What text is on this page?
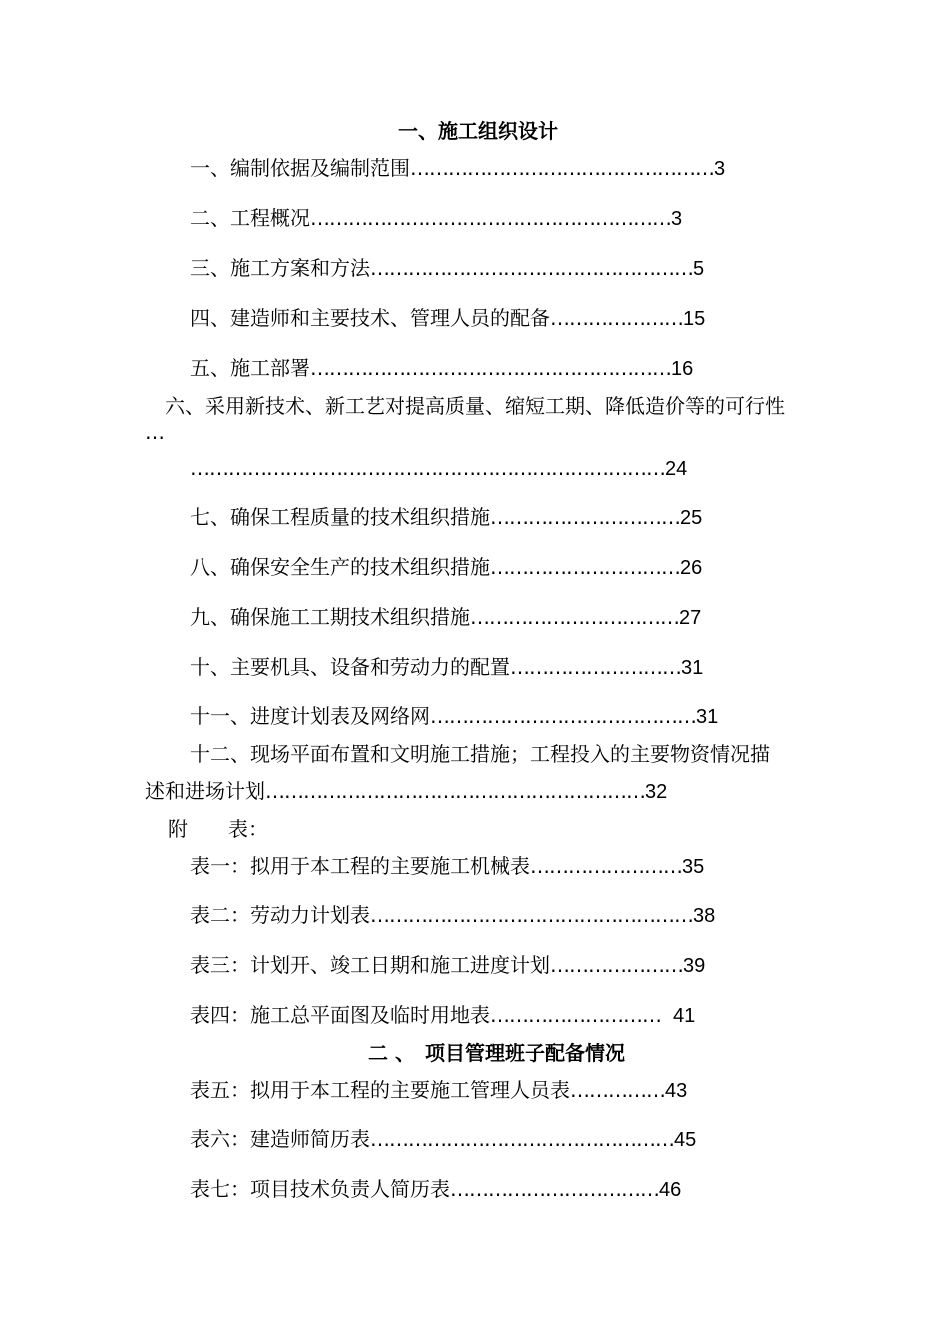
一、施工组织设计
一、编制依据及编制范围…………………………………………3
二、工程概况…………………………………………………3
三、施工方案和方法……………………………………………5
四、建造师和主要技术、管理人员的配备…………………15
五、施工部署…………………………………………………16
六、采用新技术、新工艺对提高质量、缩短工期、降低造价等的可行性
…
…………………………………………………………………24
七、确保工程质量的技术组织措施…………………………25
八、确保安全生产的技术组织措施…………………………26
九、确保施工工期技术组织措施……………………………27
十、主要机具、设备和劳动力的配置………………………31
十一、进度计划表及网络网……………………………………31
十二、现场平面布置和文明施工措施；工程投入的主要物资情况描
述和进场计划……………………………………………………32
附　　表：
表一：拟用于本工程的主要施工机械表……………………35
表二：劳动力计划表……………………………………………38
表三：计划开、竣工日期和施工进度计划…………………39
表四：施工总平面图及临时用地表……………………… 41
二 、　项目管理班子配备情况
表五：拟用于本工程的主要施工管理人员表……………43
表六：建造师简历表…………………………………………45
表七：项目技术负责人简历表……………………………46
